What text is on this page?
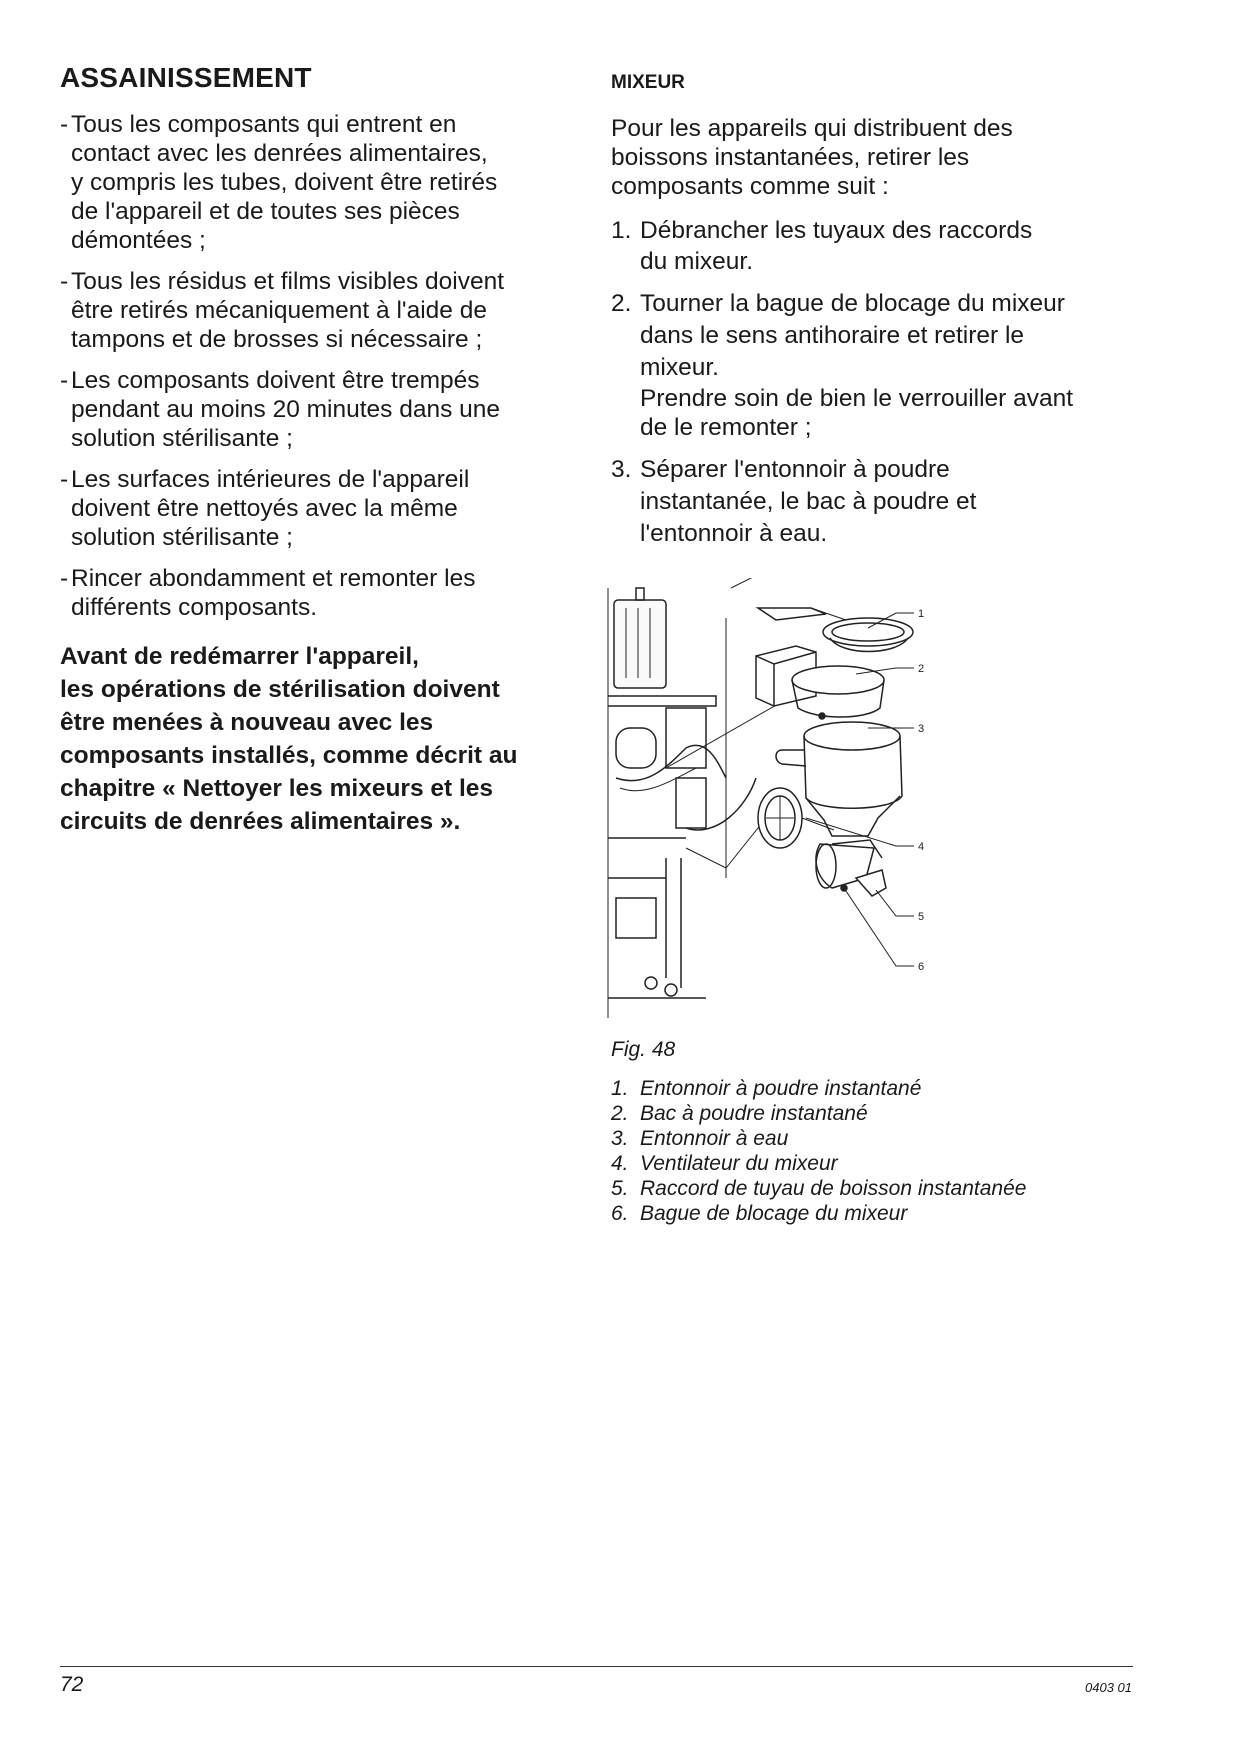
ASSAINISSEMENT
- Tous les composants qui entrent en
contact avec les denrées alimentaires,
y compris les tubes, doivent être retirés
de l'appareil et de toutes ses pièces
démontées ;
- Tous les résidus et films visibles doivent
être retirés mécaniquement à l'aide de
tampons et de brosses si nécessaire ;
- Les composants doivent être trempés
pendant au moins 20 minutes dans une
solution stérilisante ;
- Les surfaces intérieures de l'appareil
doivent être nettoyés avec la même
solution stérilisante ;
- Rincer abondamment et remonter les
différents composants.
Avant de redémarrer l'appareil,
les opérations de stérilisation doivent
être menées à nouveau avec les
composants installés, comme décrit au
chapitre « Nettoyer les mixeurs et les
circuits de denrées alimentaires ».
MIXEUR

Pour les appareils qui distribuent des
boissons instantanées, retirer les
composants comme suit :

1. Débrancher les tuyaux des raccords
du mixeur.
2. Tourner la bague de blocage du mixeur
dans le sens antihoraire et retirer le
mixeur.
Prendre soin de bien le verrouiller avant
de le remonter ;
3. Séparer l'entonnoir à poudre
instantanée, le bac à poudre et
l'entonnoir à eau.
1
2
3
4
5
6
Fig. 48
1. Entonnoir à poudre instantané
2. Bac à poudre instantané
3. Entonnoir à eau
4. Ventilateur du mixeur
5. Raccord de tuyau de boisson instantanée
6. Bague de blocage du mixeur
72	0403 01
